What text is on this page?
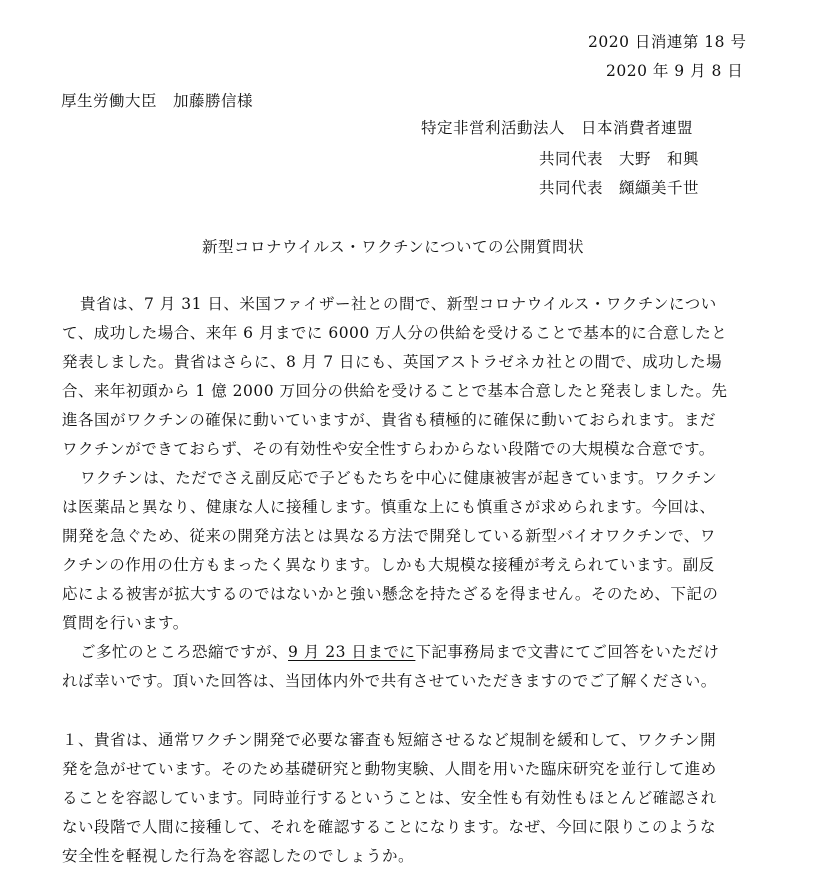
2020 日消連第 18 号
2020 年 9 月 8 日
厚生労働大臣　加藤勝信様
特定非営利活動法人　日本消費者連盟
共同代表　大野　和興
共同代表　纐纈美千世
新型コロナウイルス・ワクチンについての公開質問状
貴省は、7 月 31 日、米国ファイザー社との間で、新型コロナウイルス・ワクチンについ
て、成功した場合、来年 6 月までに 6000 万人分の供給を受けることで基本的に合意したと
発表しました。貴省はさらに、8 月 7 日にも、英国アストラゼネカ社との間で、成功した場
合、来年初頭から 1 億 2000 万回分の供給を受けることで基本合意したと発表しました。先
進各国がワクチンの確保に動いていますが、貴省も積極的に確保に動いておられます。まだ
ワクチンができておらず、その有効性や安全性すらわからない段階での大規模な合意です。
ワクチンは、ただでさえ副反応で子どもたちを中心に健康被害が起きています。ワクチン
は医薬品と異なり、健康な人に接種します。慎重な上にも慎重さが求められます。今回は、
開発を急ぐため、従来の開発方法とは異なる方法で開発している新型バイオワクチンで、ワ
クチンの作用の仕方もまったく異なります。しかも大規模な接種が考えられています。副反
応による被害が拡大するのではないかと強い懸念を持たざるを得ません。そのため、下記の
質問を行います。
ご多忙のところ恐縮ですが、9 月 23 日までに下記事務局まで文書にてご回答をいただけ
れば幸いです。頂いた回答は、当団体内外で共有させていただきますのでご了解ください。
１、貴省は、通常ワクチン開発で必要な審査も短縮させるなど規制を緩和して、ワクチン開
発を急がせています。そのため基礎研究と動物実験、人間を用いた臨床研究を並行して進め
ることを容認しています。同時並行するということは、安全性も有効性もほとんど確認され
ない段階で人間に接種して、それを確認することになります。なぜ、今回に限りこのような
安全性を軽視した行為を容認したのでしょうか。
